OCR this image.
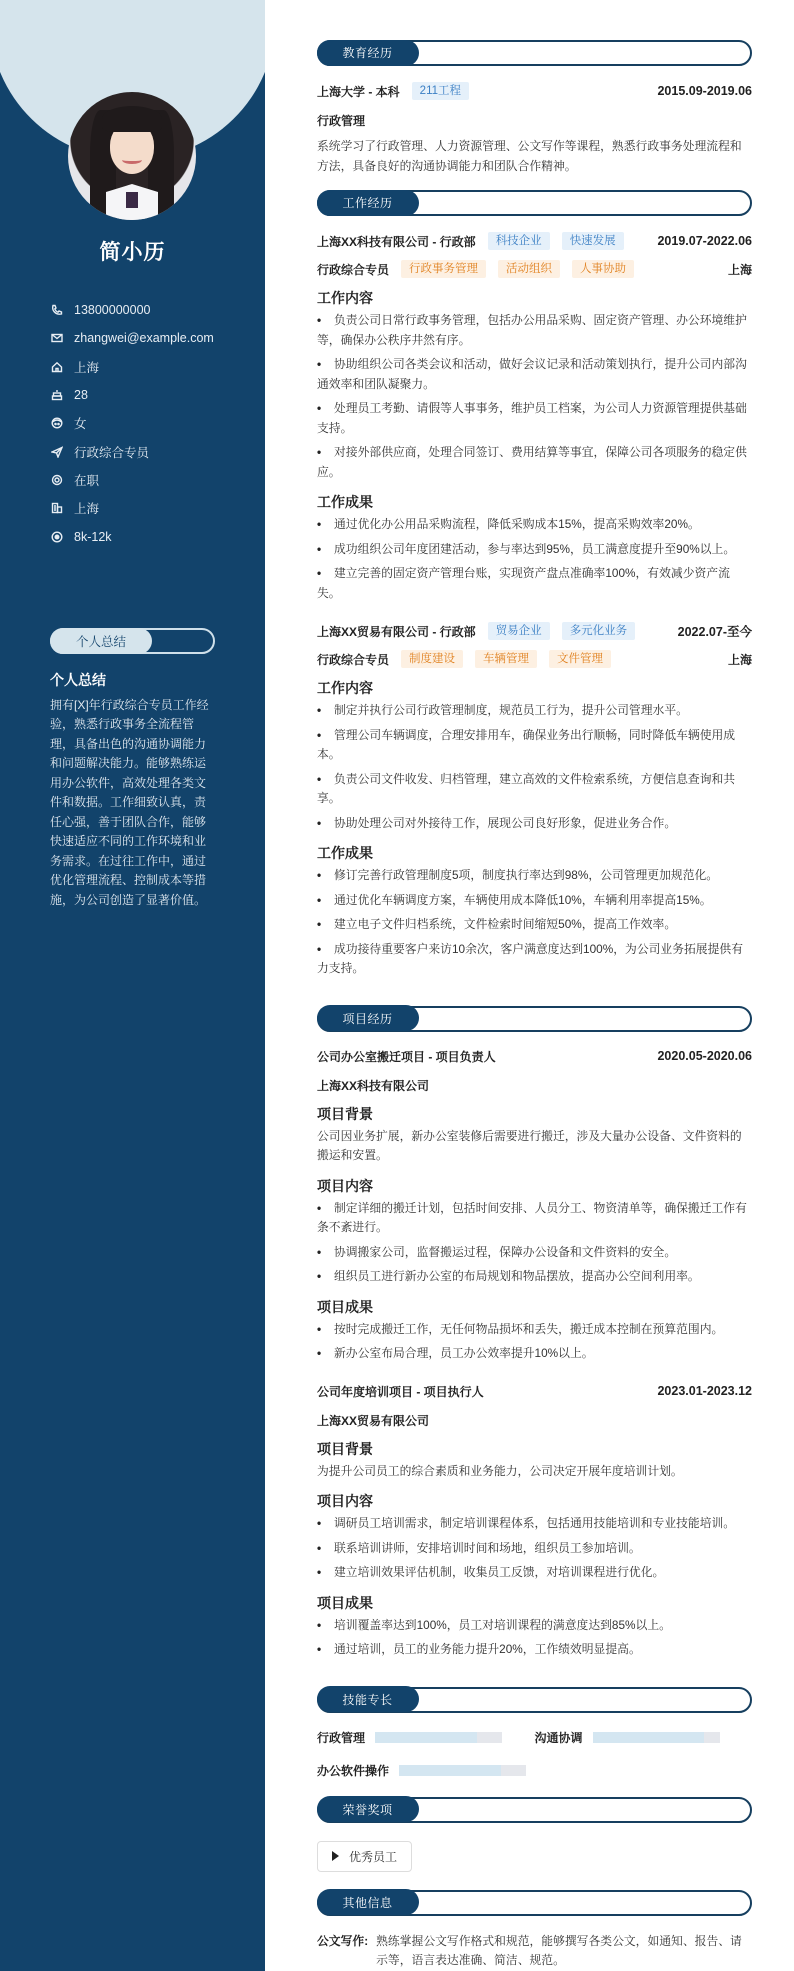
简小历
13800000000
zhangwei@example.com
上海
28
女
行政综合专员
在职
上海
8k-12k
个人总结
个人总结

拥有[X]年行政综合专员工作经验，熟悉行政事务全流程管理，具备出色的沟通协调能力和问题解决能力。能够熟练运用办公软件，高效处理各类文件和数据。工作细致认真，责任心强，善于团队合作，能够快速适应不同的工作环境和业务需求。在过往工作中，通过优化管理流程、控制成本等措施，为公司创造了显著价值。

教育经历
上海大学 - 本科	211工程	2015.09-2019.06
行政管理

系统学习了行政管理、人力资源管理、公文写作等课程，熟悉行政事务处理流程和方法，具备良好的沟通协调能力和团队合作精神。

工作经历
上海XX科技有限公司 - 行政部	科技企业	快速发展	2019.07-2022.06
行政综合专员	行政事务管理	活动组织	人事协助	上海
工作内容
• 负责公司日常行政事务管理，包括办公用品采购、固定资产管理、办公环境维护等，确保办公秩序井然有序。
• 协助组织公司各类会议和活动，做好会议记录和活动策划执行，提升公司内部沟通效率和团队凝聚力。
• 处理员工考勤、请假等人事事务，维护员工档案，为公司人力资源管理提供基础支持。
• 对接外部供应商，处理合同签订、费用结算等事宜，保障公司各项服务的稳定供应。
工作成果
• 通过优化办公用品采购流程，降低采购成本15%，提高采购效率20%。
• 成功组织公司年度团建活动，参与率达到95%，员工满意度提升至90%以上。
• 建立完善的固定资产管理台账，实现资产盘点准确率100%，有效减少资产流失。
上海XX贸易有限公司 - 行政部	贸易企业	多元化业务	2022.07-至今
行政综合专员	制度建设	车辆管理	文件管理	上海
工作内容
• 制定并执行公司行政管理制度，规范员工行为，提升公司管理水平。
• 管理公司车辆调度，合理安排用车，确保业务出行顺畅，同时降低车辆使用成本。
• 负责公司文件收发、归档管理，建立高效的文件检索系统，方便信息查询和共享。
• 协助处理公司对外接待工作，展现公司良好形象，促进业务合作。
工作成果
• 修订完善行政管理制度5项，制度执行率达到98%，公司管理更加规范化。
• 通过优化车辆调度方案，车辆使用成本降低10%，车辆利用率提高15%。
• 建立电子文件归档系统，文件检索时间缩短50%，提高工作效率。
• 成功接待重要客户来访10余次，客户满意度达到100%，为公司业务拓展提供有力支持。
项目经历
公司办公室搬迁项目 - 项目负责人	2020.05-2020.06
上海XX科技有限公司
项目背景

公司因业务扩展，新办公室装修后需要进行搬迁，涉及大量办公设备、文件资料的搬运和安置。

项目内容
• 制定详细的搬迁计划，包括时间安排、人员分工、物资清单等，确保搬迁工作有条不紊进行。
• 协调搬家公司，监督搬运过程，保障办公设备和文件资料的安全。
• 组织员工进行新办公室的布局规划和物品摆放，提高办公空间利用率。
项目成果
• 按时完成搬迁工作，无任何物品损坏和丢失，搬迁成本控制在预算范围内。
• 新办公室布局合理，员工办公效率提升10%以上。
公司年度培训项目 - 项目执行人	2023.01-2023.12
上海XX贸易有限公司
项目背景

为提升公司员工的综合素质和业务能力，公司决定开展年度培训计划。

项目内容
• 调研员工培训需求，制定培训课程体系，包括通用技能培训和专业技能培训。
• 联系培训讲师，安排培训时间和场地，组织员工参加培训。
• 建立培训效果评估机制，收集员工反馈，对培训课程进行优化。
项目成果
• 培训覆盖率达到100%，员工对培训课程的满意度达到85%以上。
• 通过培训，员工的业务能力提升20%，工作绩效明显提高。
技能专长
行政管理	沟通协调
办公软件操作
荣誉奖项
优秀员工
其他信息
公文写作: 熟练掌握公文写作格式和规范，能够撰写各类公文，如通知、报告、请示等，语言表达准确、简洁、规范。
